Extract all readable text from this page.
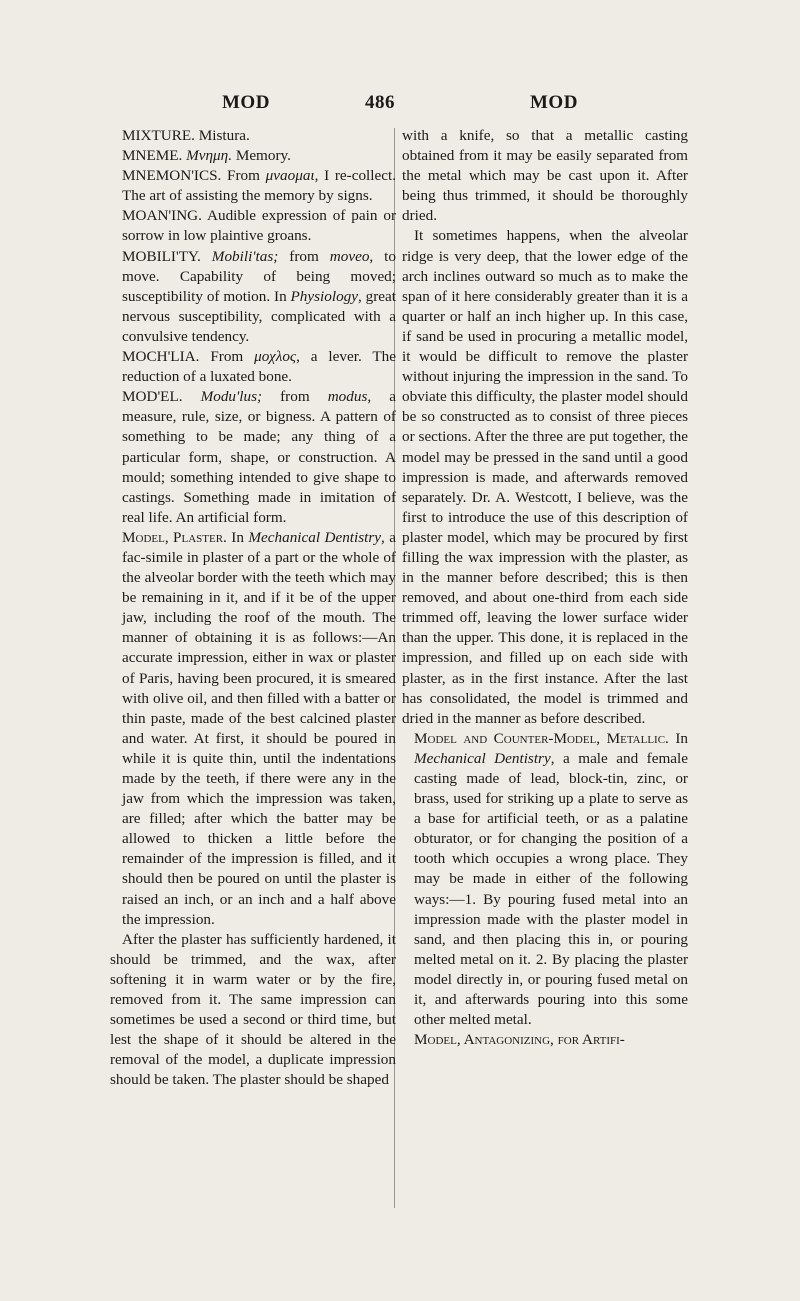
MOD	486	MOD

MIXTURE. Mistura.

MNEME. Μνημη. Memory.

MNEMON'ICS. From μνaoμaι, I re-collect. The art of assisting the memory by signs.

MOAN'ING. Audible expression of pain or sorrow in low plaintive groans.

MOBILI'TY. Mobili'tas; from moveo, to move. Capability of being moved; susceptibility of motion. In Physiology, great nervous susceptibility, complicated with a convulsive tendency.

MOCH'LIA. From μοχλος, a lever. The reduction of a luxated bone.

MOD'EL. Modu'lus; from modus, a measure, rule, size, or bigness. A pattern of something to be made; any thing of a particular form, shape, or construction. A mould; something intended to give shape to castings. Something made in imitation of real life. An artificial form.

Model, Plaster. In Mechanical Dentistry, a fac-simile in plaster of a part or the whole of the alveolar border with the teeth which may be remaining in it, and if it be of the upper jaw, including the roof of the mouth. The manner of obtaining it is as follows:—An accurate impression, either in wax or plaster of Paris, having been procured, it is smeared with olive oil, and then filled with a batter or thin paste, made of the best calcined plaster and water. At first, it should be poured in while it is quite thin, until the indentations made by the teeth, if there were any in the jaw from which the impression was taken, are filled; after which the batter may be allowed to thicken a little before the remainder of the impression is filled, and it should then be poured on until the plaster is raised an inch, or an inch and a half above the impression.

After the plaster has sufficiently hardened, it should be trimmed, and the wax, after softening it in warm water or by the fire, removed from it. The same impression can sometimes be used a second or third time, but lest the shape of it should be altered in the removal of the model, a duplicate impression should be taken. The plaster should be shaped

with a knife, so that a metallic casting obtained from it may be easily separated from the metal which may be cast upon it. After being thus trimmed, it should be thoroughly dried.

It sometimes happens, when the alveolar ridge is very deep, that the lower edge of the arch inclines outward so much as to make the span of it here considerably greater than it is a quarter or half an inch higher up. In this case, if sand be used in procuring a metallic model, it would be difficult to remove the plaster without injuring the impression in the sand. To obviate this difficulty, the plaster model should be so constructed as to consist of three pieces or sections. After the three are put together, the model may be pressed in the sand until a good impression is made, and afterwards removed separately. Dr. A. Westcott, I believe, was the first to introduce the use of this description of plaster model, which may be procured by first filling the wax impression with the plaster, as in the manner before described; this is then removed, and about one-third from each side trimmed off, leaving the lower surface wider than the upper. This done, it is replaced in the impression, and filled up on each side with plaster, as in the first instance. After the last has consolidated, the model is trimmed and dried in the manner as before described.

Model and Counter-Model, Metallic. In Mechanical Dentistry, a male and female casting made of lead, block-tin, zinc, or brass, used for striking up a plate to serve as a base for artificial teeth, or as a palatine obturator, or for changing the position of a tooth which occupies a wrong place. They may be made in either of the following ways:—1. By pouring fused metal into an impression made with the plaster model in sand, and then placing this in, or pouring melted metal on it. 2. By placing the plaster model directly in, or pouring fused metal on it, and afterwards pouring into this some other melted metal.

Model, Antagonizing, for Artifi-
